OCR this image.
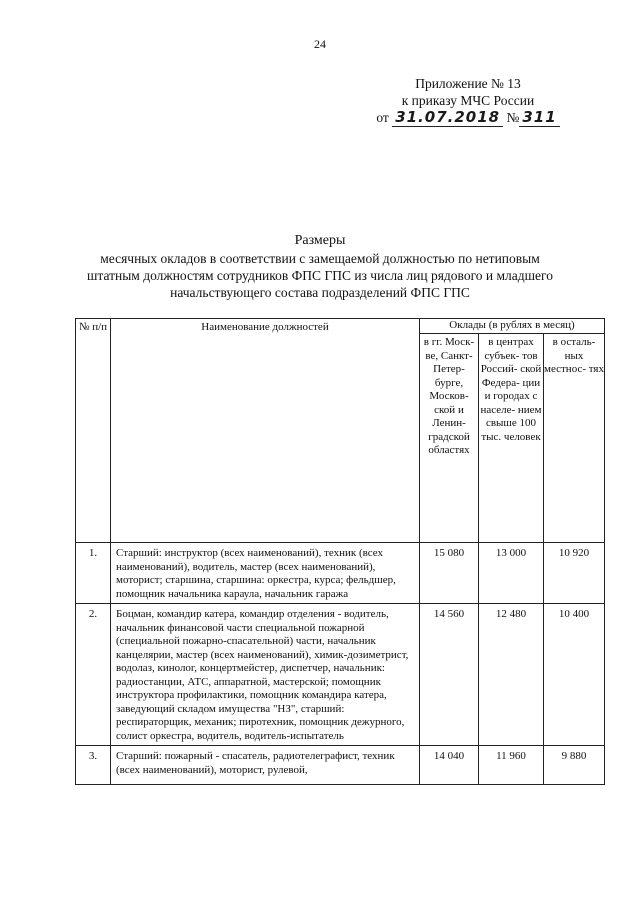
24
Приложение № 13
к приказу МЧС России
от 31.07.2018 № 311
Размеры
месячных окладов в соответствии с замещаемой должностью по нетиповым
штатным должностям сотрудников ФПС ГПС из числа лиц рядового и младшего
начальствующего состава подразделений ФПС ГПС
№ п/п	Наименование должностей	Оклады (в рублях в месяц)		
		в гг. Моск- ве, Санкт- Петер- бурге, Москов- ской и Ленин- градской областях	в центрах субъек- тов Россий- ской Федера- ции и городах с населе- нием свыше 100 тыс. человек	в осталь- ных местнос- тях
1.	Старший: инструктор (всех наименований), техник (всех наименований), водитель, мастер (всех наименований), моторист; старшина, старшина: оркестра, курса; фельдшер, помощник начальника караула, начальник гаража	15 080	13 000	10 920
2.	Боцман, командир катера, командир отделения - водитель, начальник финансовой части специальной пожарной (специальной пожарно-спасательной) части, начальник канцелярии, мастер (всех наименований), химик-дозиметрист, водолаз, кинолог, концертмейстер, диспетчер, начальник: радиостанции, АТС, аппаратной, мастерской; помощник инструктора профилактики, помощник командира катера, заведующий складом имущества "НЗ", старший: респираторщик, механик; пиротехник, помощник дежурного, солист оркестра, водитель, водитель-испытатель	14 560	12 480	10 400
3.	Старший: пожарный - спасатель, радиотелеграфист, техник (всех наименований), моторист, рулевой,	14 040	11 960	9 880
